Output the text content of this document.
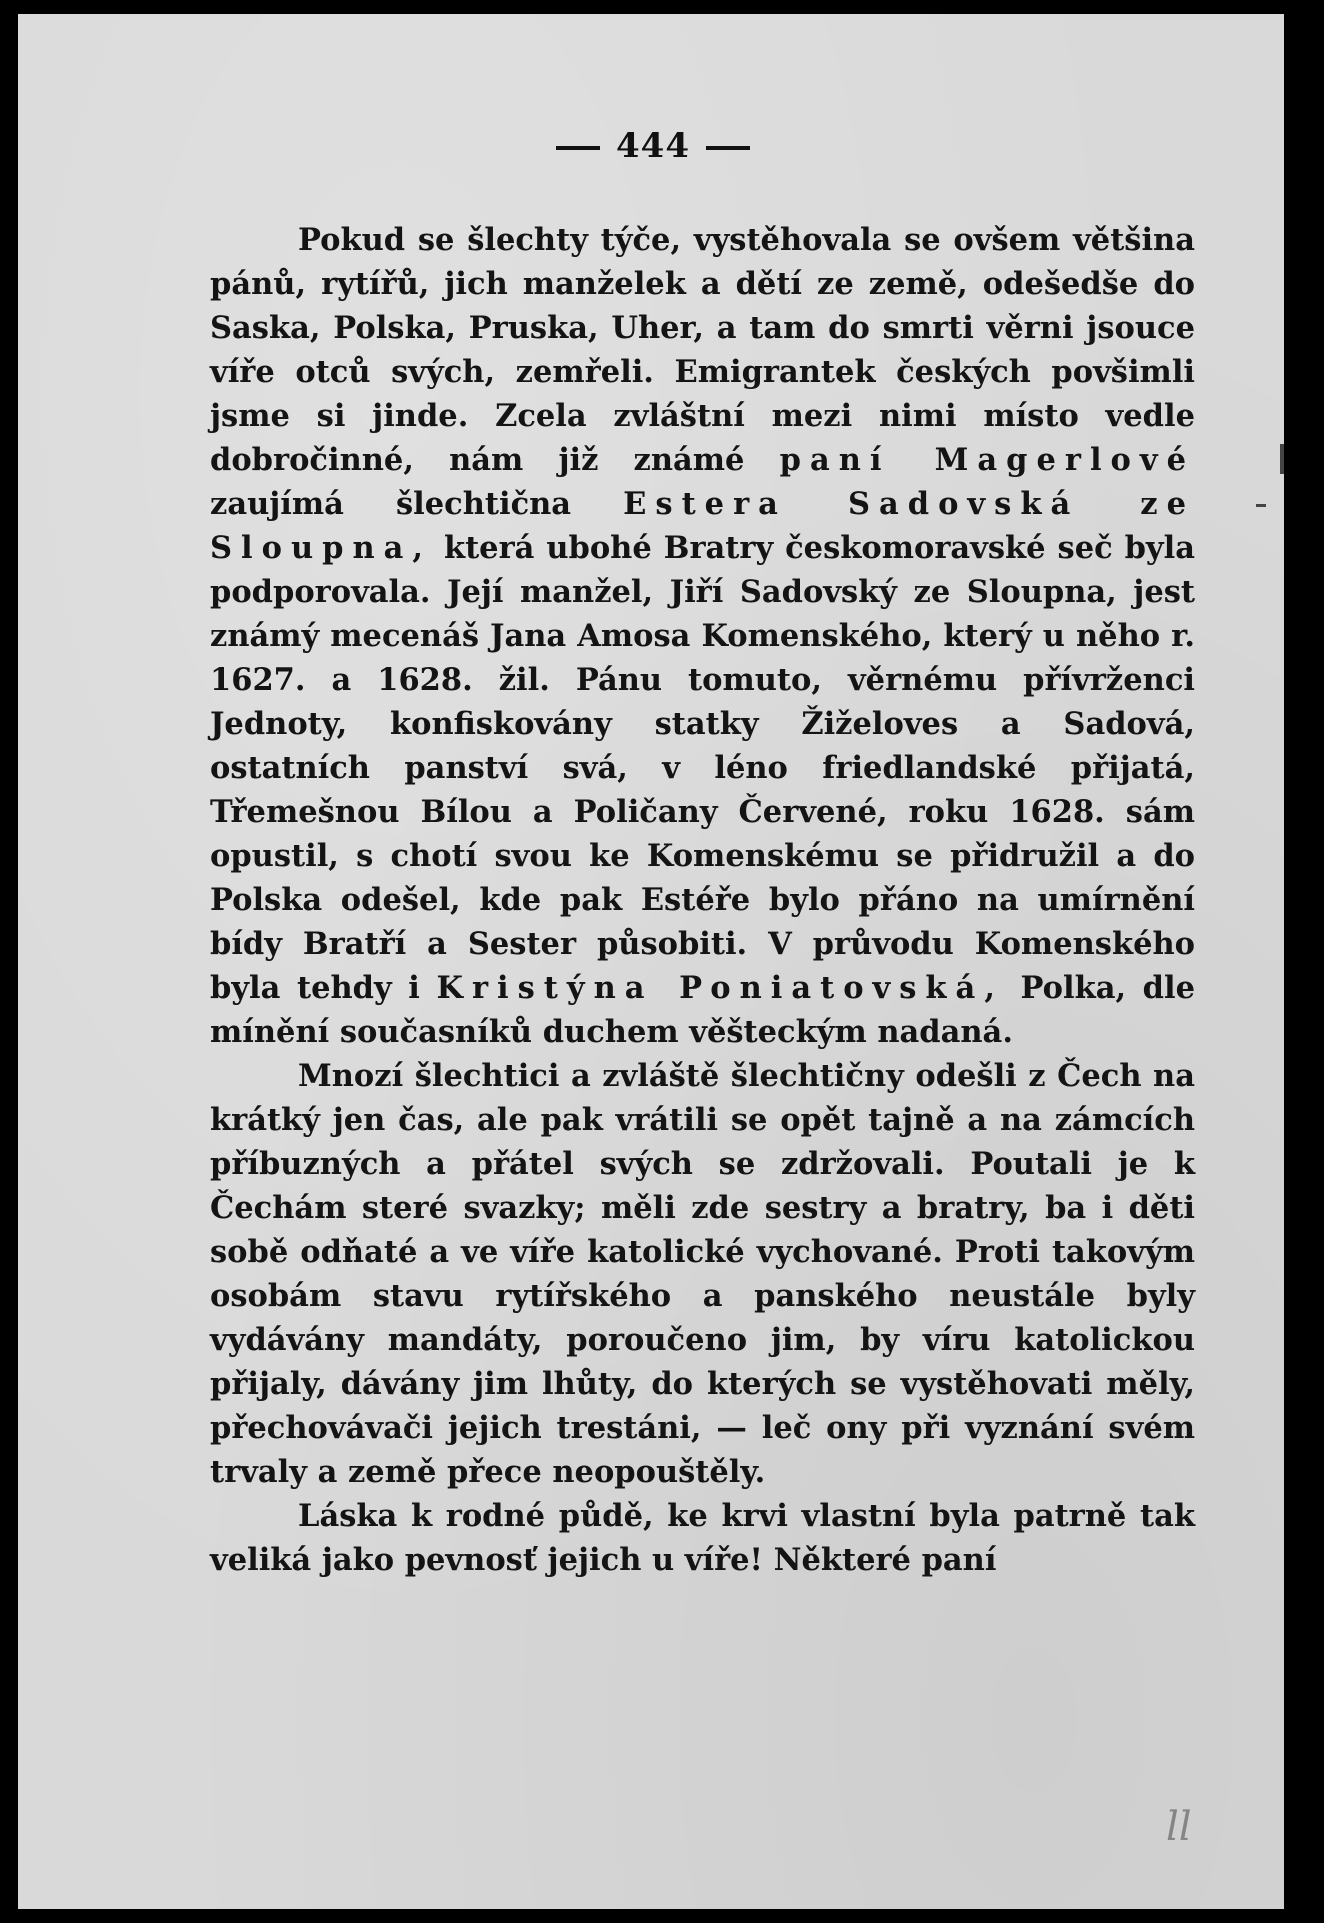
444

Pokud se šlechty týče, vystěhovala se ovšem většina pánů, rytířů, jich manželek a dětí ze země, odešedše do Saska, Polska, Pruska, Uher, a tam do smrti věrni jsouce víře otců svých, zemřeli. Emigrantek českých povšimli jsme si jinde. Zcela zvláštní mezi nimi místo vedle dobročinné, nám již známé paní Magerlové zaujímá šlechtična Estera Sadovská ze Sloupna, která ubohé Bratry českomoravské seč byla podporovala. Její manžel, Jiří Sadovský ze Sloupna, jest známý mecenáš Jana Amosa Komenského, který u něho r. 1627. a 1628. žil. Pánu tomuto, věrnému přívrženci Jednoty, konfiskovány statky Žiželoves a Sadová, ostatních panství svá, v léno friedlandské přijatá, Třemešnou Bílou a Poličany Červené, roku 1628. sám opustil, s chotí svou ke Komenskému se přidružil a do Polska odešel, kde pak Estéře bylo přáno na umírnění bídy Bratří a Sester působiti. V průvodu Komenského byla tehdy i Kristýna Poniatovská, Polka, dle mínění současníků duchem věšteckým nadaná.

Mnozí šlechtici a zvláště šlechtičny odešli z Čech na krátký jen čas, ale pak vrátili se opět tajně a na zámcích příbuzných a přátel svých se zdržovali. Poutali je k Čechám steré svazky; měli zde sestry a bratry, ba i děti sobě odňaté a ve víře katolické vychované. Proti takovým osobám stavu rytířského a panského neustále byly vydávány mandáty, poroučeno jim, by víru katolickou přijaly, dávány jim lhůty, do kterých se vystěhovati měly, přechovávači jejich trestáni, — leč ony při vyznání svém trvaly a země přece neopouštěly.

Láska k rodné půdě, ke krvi vlastní byla patrně tak veliká jako pevnosť jejich u víře! Některé paní

ll
